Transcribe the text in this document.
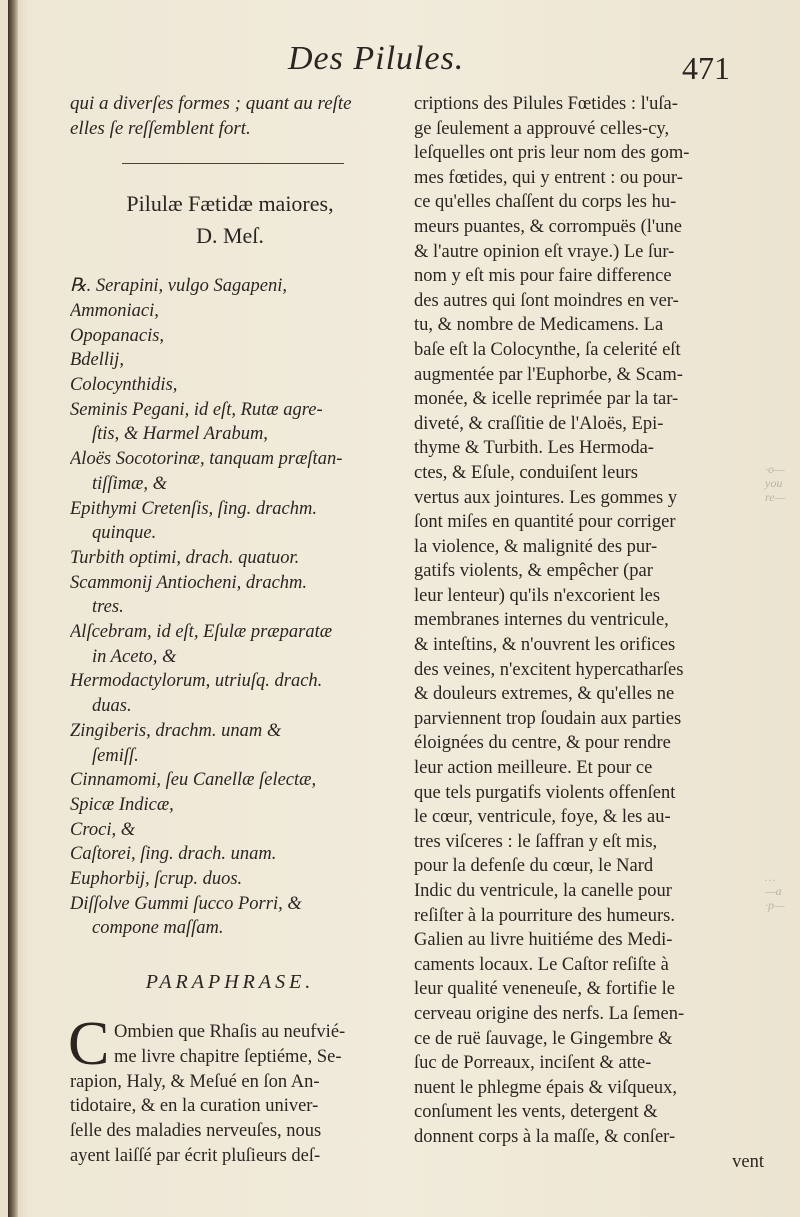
Des Pilules.	471
qui a diverſes formes ; quant au reſte
elles ſe reſſemblent fort.
Pilulæ Fætidæ maiores,
D. Meſ.
℞. Serapini, vulgo Sagapeni,
Ammoniaci,
Opopanacis,
Bdellij,
Colocynthidis,
Seminis Pegani, id eſt, Rutæ agre-
ſtis, & Harmel Arabum,
Aloës Socotorinæ, tanquam præſtan-
tiſſimæ, &
Epithymi Cretenſis, ſing. drachm.
quinque.
Turbith optimi, drach. quatuor.
Scammonij Antiocheni, drachm.
tres.
Alſcebram, id eſt, Eſulæ præparatæ
in Aceto, &
Hermodactylorum, utriuſq. drach.
duas.
Zingiberis, drachm. unam &
ſemiſſ.
Cinnamomi, ſeu Canellæ ſelectæ,
Spicæ Indicæ,
Croci, &
Caſtorei, ſing. drach. unam.
Euphorbij, ſcrup. duos.
Diſſolve Gummi ſucco Porri, &
compone maſſam.
PARAPHRASE.
C Ombien que Rhaſis au neufvié-
me livre chapitre ſeptiéme, Se-
rapion, Haly, & Meſué en ſon An-
tidotaire, & en la curation univer-
ſelle des maladies nerveuſes, nous
ayent laiſſé par écrit pluſieurs deſ-
criptions des Pilules Fœtides : l'uſa-
ge ſeulement a approuvé celles-cy,
leſquelles ont pris leur nom des gom-
mes fœtides, qui y entrent : ou pour-
ce qu'elles chaſſent du corps les hu-
meurs puantes, & corrompuës (l'une
& l'autre opinion eſt vraye.) Le ſur-
nom y eſt mis pour faire difference
des autres qui ſont moindres en ver-
tu, & nombre de Medicamens. La
baſe eſt la Colocynthe, ſa celerité eſt
augmentée par l'Euphorbe, & Scam-
monée, & icelle reprimée par la tar-
diveté, & craſſitie de l'Aloës, Epi-
thyme & Turbith. Les Hermoda-
ctes, & Eſule, conduiſent leurs
vertus aux jointures. Les gommes y
ſont miſes en quantité pour corriger
la violence, & malignité des pur-
gatifs violents, & empêcher (par
leur lenteur) qu'ils n'excorient les
membranes internes du ventricule,
& inteſtins, & n'ouvrent les orifices
des veines, n'excitent hypercatharſes
& douleurs extremes, & qu'elles ne
parviennent trop ſoudain aux parties
éloignées du centre, & pour rendre
leur action meilleure. Et pour ce
que tels purgatifs violents offenſent
le cœur, ventricule, foye, & les au-
tres viſceres : le ſaffran y eſt mis,
pour la defenſe du cœur, le Nard
Indic du ventricule, la canelle pour
reſiſter à la pourriture des humeurs.
Galien au livre huitiéme des Medi-
caments locaux. Le Caſtor reſiſte à
leur qualité veneneuſe, & fortifie le
cerveau origine des nerfs. La ſemen-
ce de ruë ſauvage, le Gingembre &
ſuc de Porreaux, inciſent & atte-
nuent le phlegme épais & viſqueux,
conſument les vents, detergent &
donnent corps à la maſſe, & conſer-
vent
·o—
you
re—
…
—a
·p—
